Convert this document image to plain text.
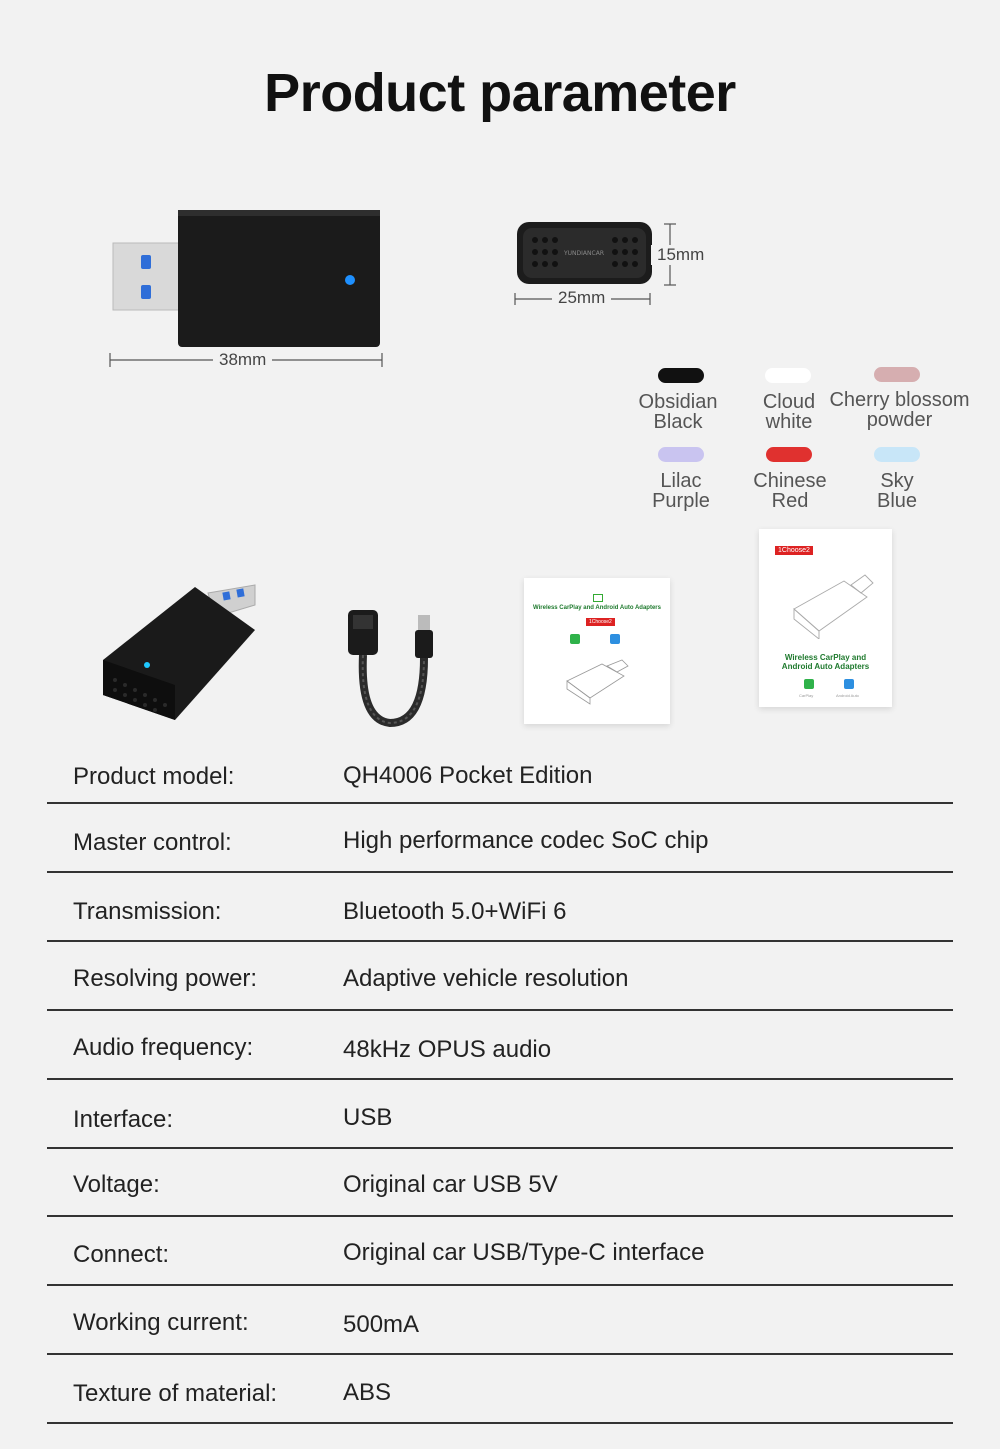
Product parameter
38mm
YUNDIANCAR	15mm
25mm
Obsidian
Black
Cloud
white
Cherry blossom
powder
Lilac
Purple
Chinese
Red
Sky
Blue
Wireless CarPlay and Android Auto Adapters
1Choose2
1Choose2
Wireless CarPlay and
Android Auto Adapters
CarPlay	Android Auto
Product model:	QH4006 Pocket Edition
Master control:	High performance codec SoC chip
Transmission:	Bluetooth 5.0+WiFi 6
Resolving power:	Adaptive vehicle resolution
Audio frequency:	48kHz OPUS audio
Interface:	USB
Voltage:	Original car USB 5V
Connect:	Original car USB/Type-C interface
Working current:	500mA
Texture of material:	ABS
